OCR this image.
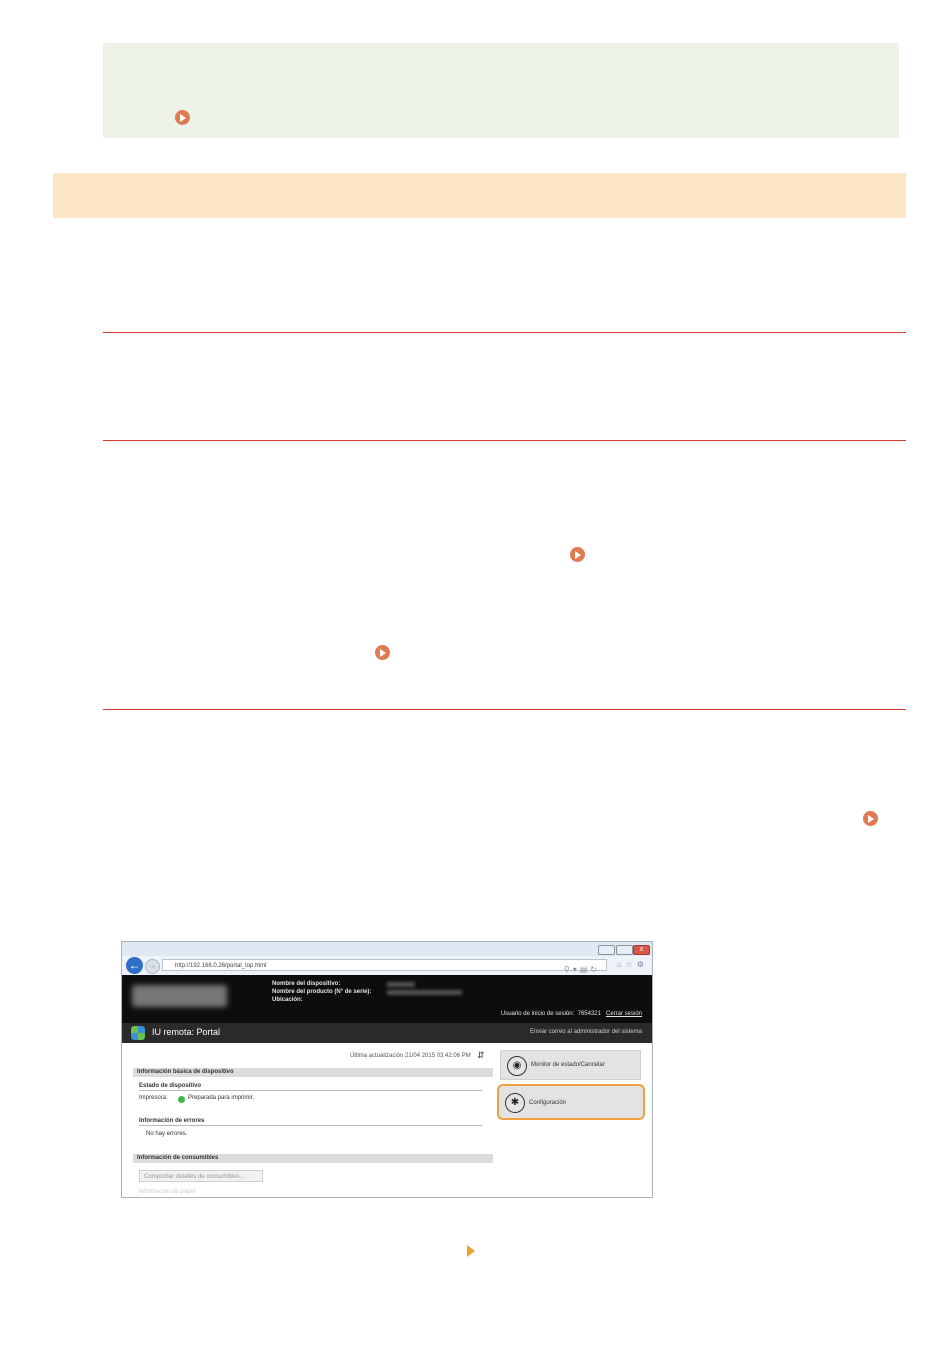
x
←	→	http://192.168.0.26/portal_top.html	⚲▾▤↻
⌂☆⚙
Nombre del dispositivo:
Nombre del producto (N° de serie):
Ubicación:
Usuario de inicio de sesión: 7654321 Cerrar sesión
IU remota: Portal	Enviar correo al administrador del sistema
Última actualización 21/04 2015 03:42:06 PM ⇵
Información básica de dispositivo
Estado de dispositivo
Impresora:	Preparada para imprimir.
Información de errores
No hay errores.
Información de consumibles
Comprobar detalles de consumibles...
Información de papel
◉	Monitor de estado/Cancelar
✱	Configuración
